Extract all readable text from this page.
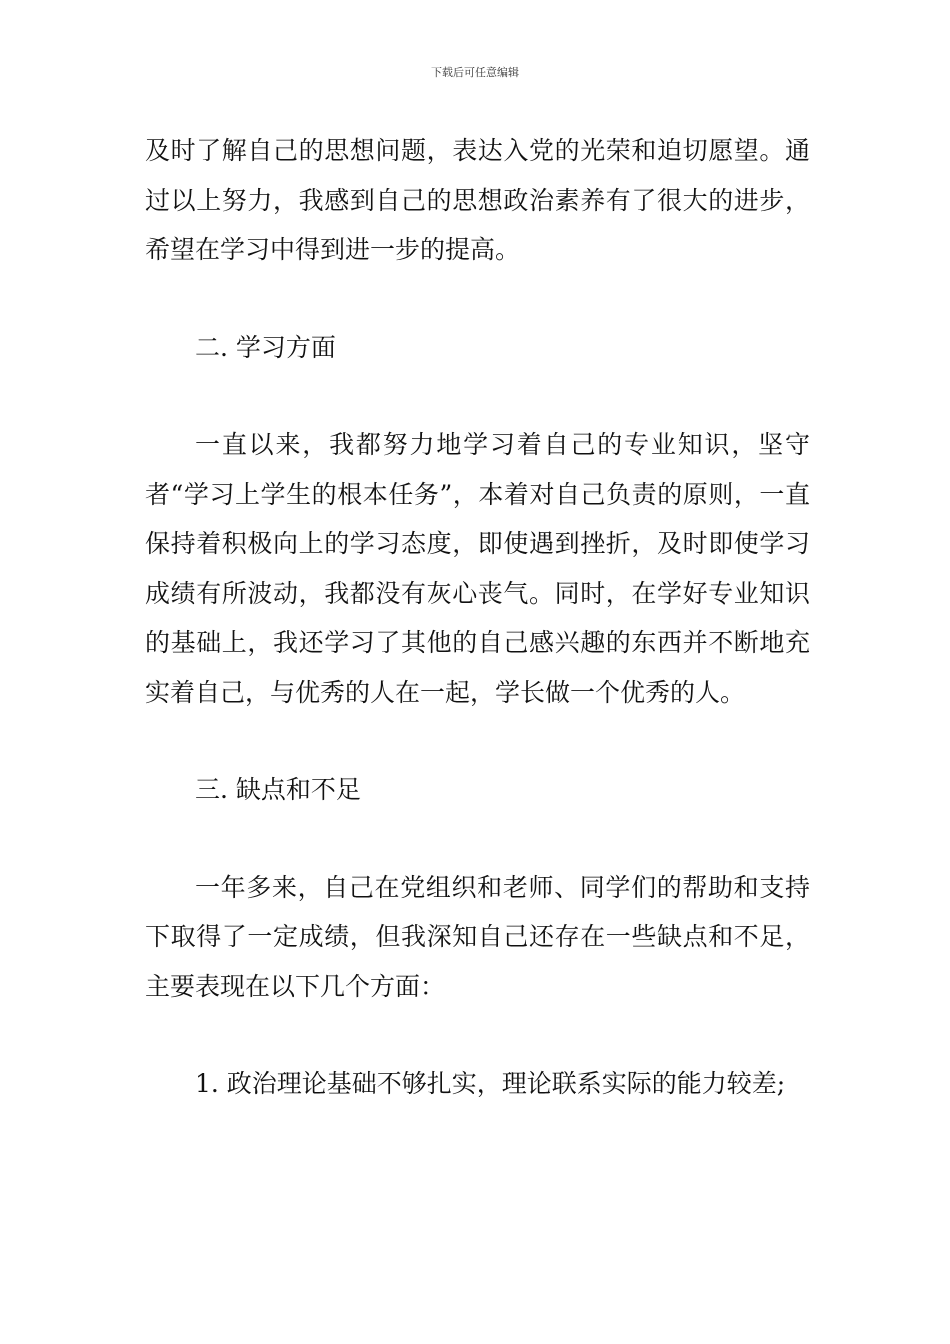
下载后可任意编辑

及时了解自己的思想问题，表达入党的光荣和迫切愿望。通过以上努力，我感到自己的思想政治素养有了很大的进步，希望在学习中得到进一步的提高。

二. 学习方面

一直以来，我都努力地学习着自己的专业知识，坚守者“学习上学生的根本任务”，本着对自己负责的原则，一直保持着积极向上的学习态度，即使遇到挫折，及时即使学习成绩有所波动，我都没有灰心丧气。同时，在学好专业知识的基础上，我还学习了其他的自己感兴趣的东西并不断地充实着自己，与优秀的人在一起，学长做一个优秀的人。

三. 缺点和不足

一年多来，自己在党组织和老师、同学们的帮助和支持下取得了一定成绩，但我深知自己还存在一些缺点和不足，主要表现在以下几个方面：

1. 政治理论基础不够扎实，理论联系实际的能力较差;
